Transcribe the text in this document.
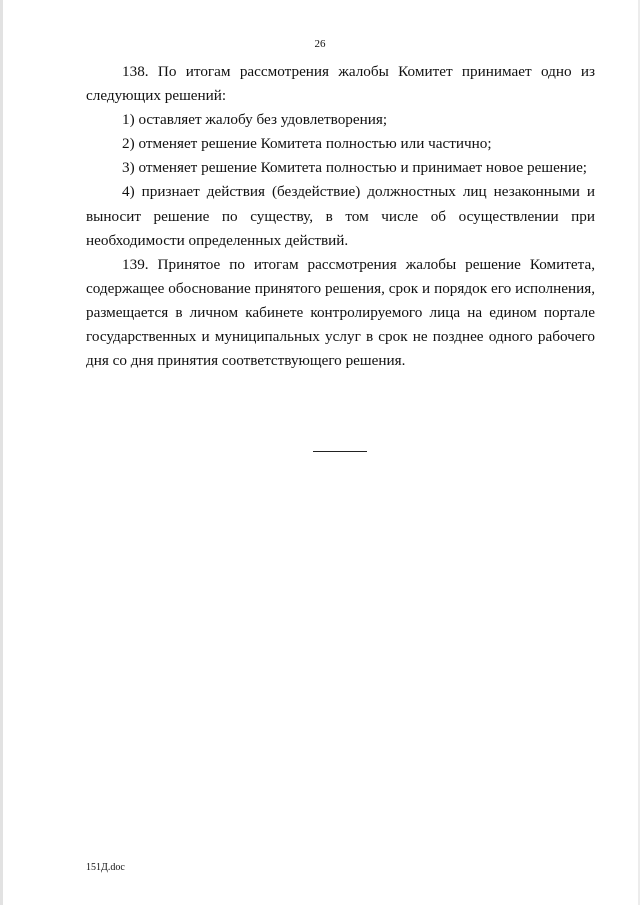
26

138. По итогам рассмотрения жалобы Комитет принимает одно из следующих решений:

1) оставляет жалобу без удовлетворения;

2) отменяет решение Комитета полностью или частично;

3) отменяет решение Комитета полностью и принимает новое решение;

4) признает действия (бездействие) должностных лиц незаконными и выносит решение по существу, в том числе об осуществлении при необходимости определенных действий.

139. Принятое по итогам рассмотрения жалобы решение Комитета, содержащее обоснование принятого решения, срок и порядок его исполнения, размещается в личном кабинете контролируемого лица на едином портале государственных и муниципальных услуг в срок не позднее одного рабочего дня со дня принятия соответствующего решения.

151Д.doc
